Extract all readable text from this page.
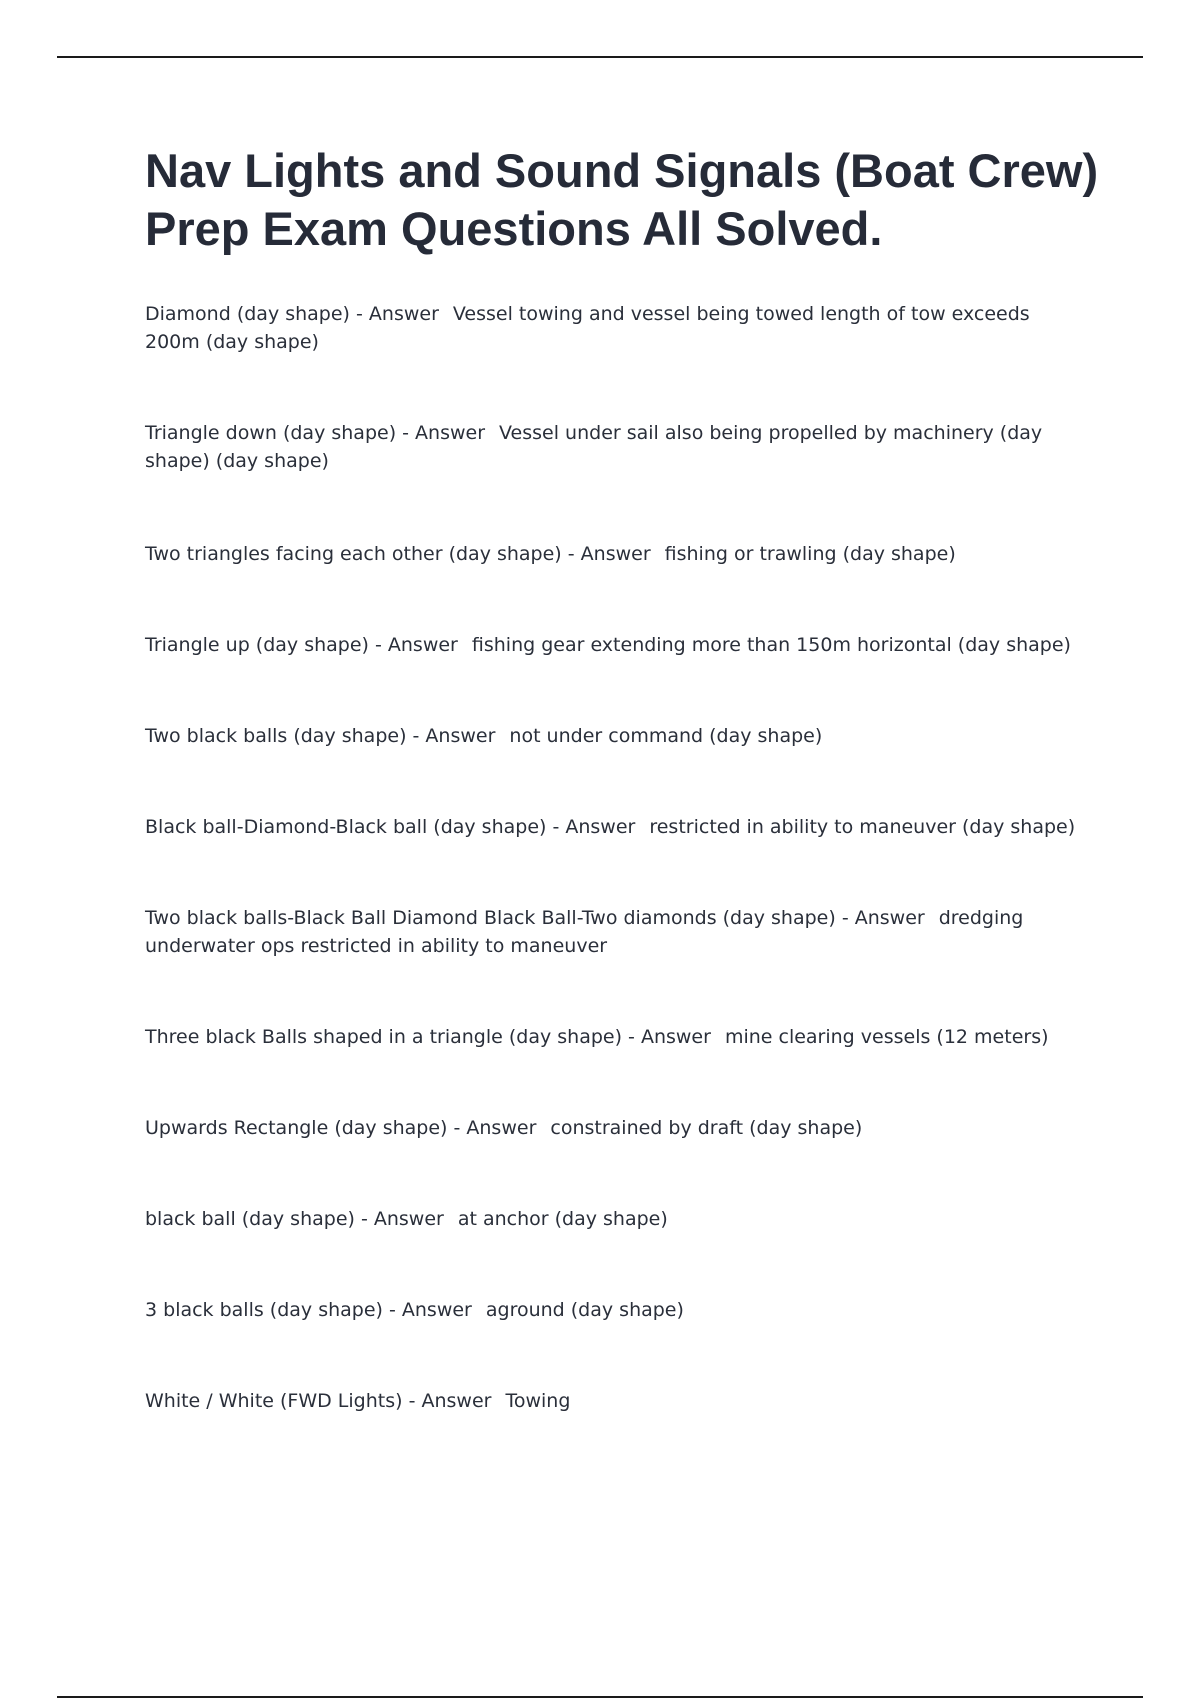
Nav Lights and Sound Signals (Boat Crew) Prep Exam Questions All Solved.
Diamond (day shape) - Answer Vessel towing and vessel being towed length of tow exceeds 200m (day shape)
Triangle down (day shape) - Answer Vessel under sail also being propelled by machinery (day shape) (day shape)
Two triangles facing each other (day shape) - Answer fishing or trawling (day shape)
Triangle up (day shape) - Answer fishing gear extending more than 150m horizontal (day shape)
Two black balls (day shape) - Answer not under command (day shape)
Black ball-Diamond-Black ball (day shape) - Answer restricted in ability to maneuver (day shape)
Two black balls-Black Ball Diamond Black Ball-Two diamonds (day shape) - Answer dredging underwater ops restricted in ability to maneuver
Three black Balls shaped in a triangle (day shape) - Answer mine clearing vessels (12 meters)
Upwards Rectangle (day shape) - Answer constrained by draft (day shape)
black ball (day shape) - Answer at anchor (day shape)
3 black balls (day shape) - Answer aground (day shape)
White / White (FWD Lights) - Answer Towing
